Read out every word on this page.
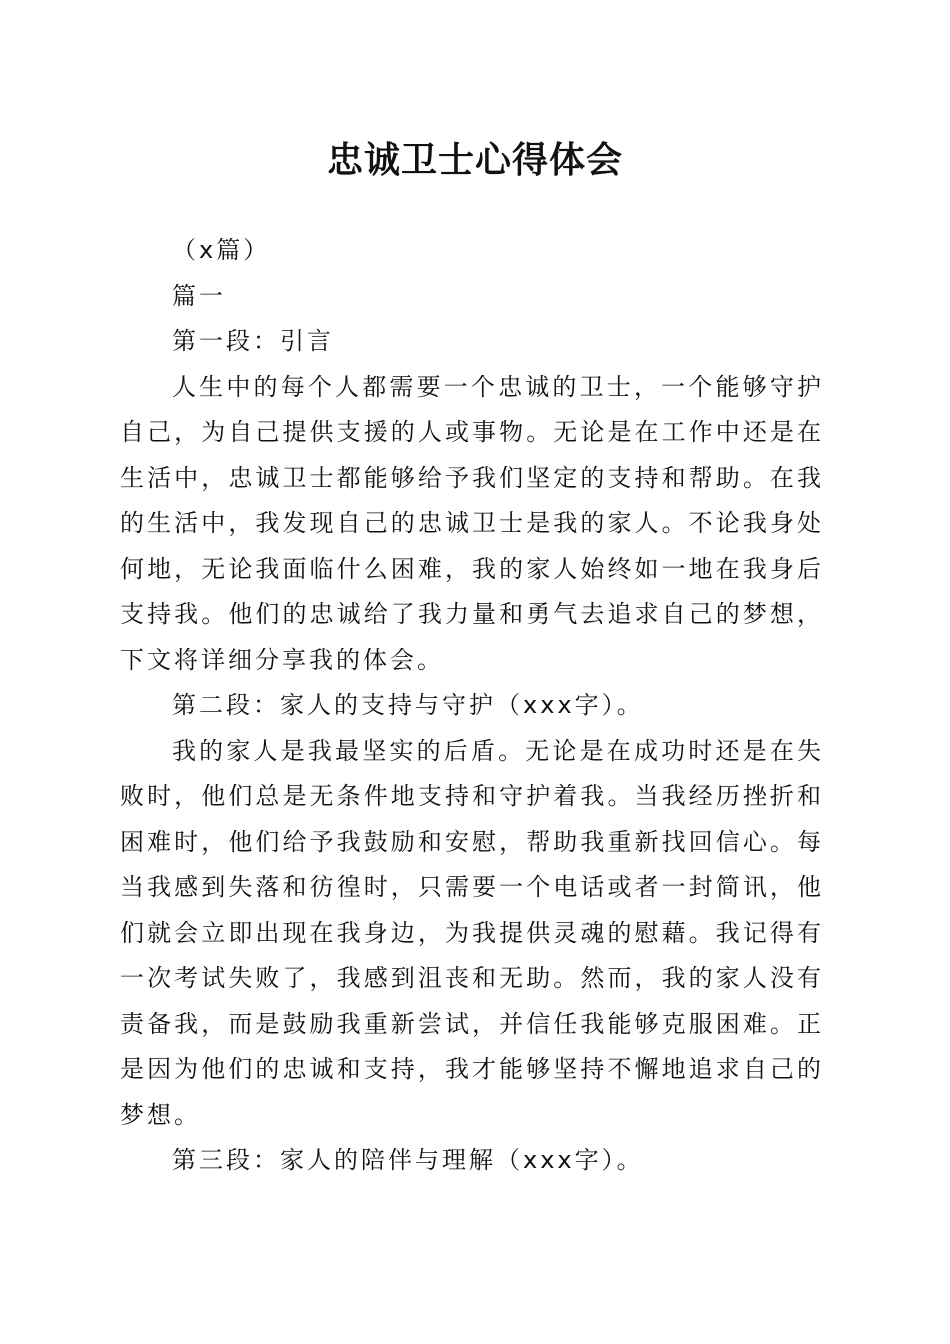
忠诚卫士心得体会

（x篇）

篇一

第一段：引言

人生中的每个人都需要一个忠诚的卫士，一个能够守护自己，为自己提供支援的人或事物。无论是在工作中还是在生活中，忠诚卫士都能够给予我们坚定的支持和帮助。在我的生活中，我发现自己的忠诚卫士是我的家人。不论我身处何地，无论我面临什么困难，我的家人始终如一地在我身后支持我。他们的忠诚给了我力量和勇气去追求自己的梦想，下文将详细分享我的体会。

第二段：家人的支持与守护（xxx字）。

我的家人是我最坚实的后盾。无论是在成功时还是在失败时，他们总是无条件地支持和守护着我。当我经历挫折和困难时，他们给予我鼓励和安慰，帮助我重新找回信心。每当我感到失落和彷徨时，只需要一个电话或者一封简讯，他们就会立即出现在我身边，为我提供灵魂的慰藉。我记得有一次考试失败了，我感到沮丧和无助。然而，我的家人没有责备我，而是鼓励我重新尝试，并信任我能够克服困难。正是因为他们的忠诚和支持，我才能够坚持不懈地追求自己的梦想。

第三段：家人的陪伴与理解（xxx字）。
